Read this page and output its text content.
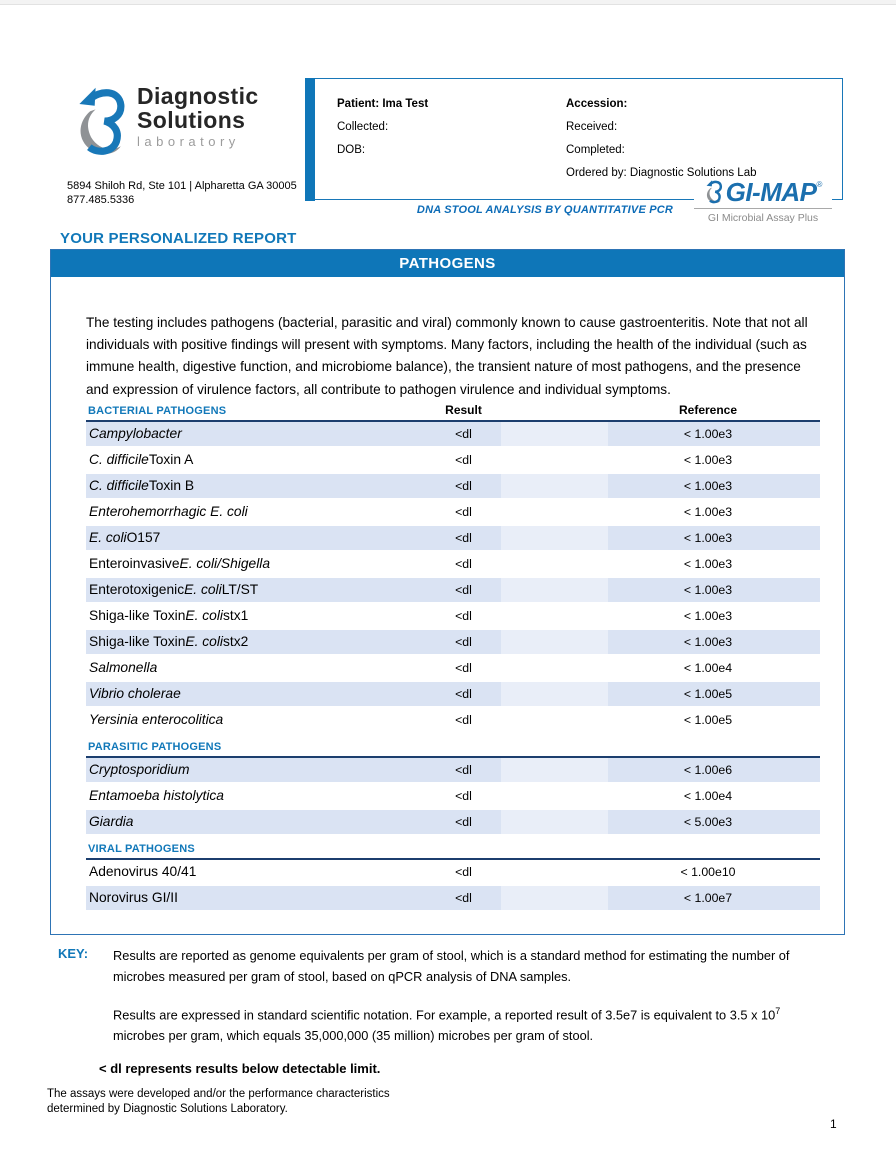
Diagnostic
Solutions
laboratory
5894 Shiloh Rd, Ste 101 | Alpharetta GA 30005
877.485.5336
Patient: Ima Test
Collected:
DOB:
Accession:
Received:
Completed:
Ordered by: Diagnostic Solutions Lab
DNA STOOL ANALYSIS BY QUANTITATIVE PCR
GI-MAP ®
GI Microbial Assay Plus
YOUR PERSONALIZED REPORT
PATHOGENS

The testing includes pathogens (bacterial, parasitic and viral) commonly known to cause gastroenteritis. Note that not all individuals with positive findings will present with symptoms. Many factors, including the health of the individual (such as immune health, digestive function, and microbiome balance), the transient nature of most pathogens, and the presence and expression of virulence factors, all contribute to pathogen virulence and individual symptoms.

BACTERIAL PATHOGENS	Result	Reference
Campylobacter	<dl	< 1.00e3
C. difficile Toxin A	<dl	< 1.00e3
C. difficile Toxin B	<dl	< 1.00e3
Enterohemorrhagic E. coli	<dl	< 1.00e3
E. coli O157	<dl	< 1.00e3
Enteroinvasive E. coli/Shigella	<dl	< 1.00e3
Enterotoxigenic E. coli LT/ST	<dl	< 1.00e3
Shiga-like Toxin E. coli stx1	<dl	< 1.00e3
Shiga-like Toxin E. coli stx2	<dl	< 1.00e3
Salmonella	<dl	< 1.00e4
Vibrio cholerae	<dl	< 1.00e5
Yersinia enterocolitica	<dl	< 1.00e5
PARASITIC PATHOGENS
Cryptosporidium	<dl	< 1.00e6
Entamoeba histolytica	<dl	< 1.00e4
Giardia	<dl	< 5.00e3
VIRAL PATHOGENS
Adenovirus 40/41	<dl	< 1.00e10
Norovirus GI/II	<dl	< 1.00e7
KEY: Results are reported as genome equivalents per gram of stool, which is a standard method for estimating the number of microbes measured per gram of stool, based on qPCR analysis of DNA samples.

Results are expressed in standard scientific notation. For example, a reported result of 3.5e7 is equivalent to 3.5 x $10^7$ microbes per gram, which equals 35,000,000 (35 million) microbes per gram of stool.

< dl represents results below detectable limit.

The assays were developed and/or the performance characteristics
determined by Diagnostic Solutions Laboratory.
1
